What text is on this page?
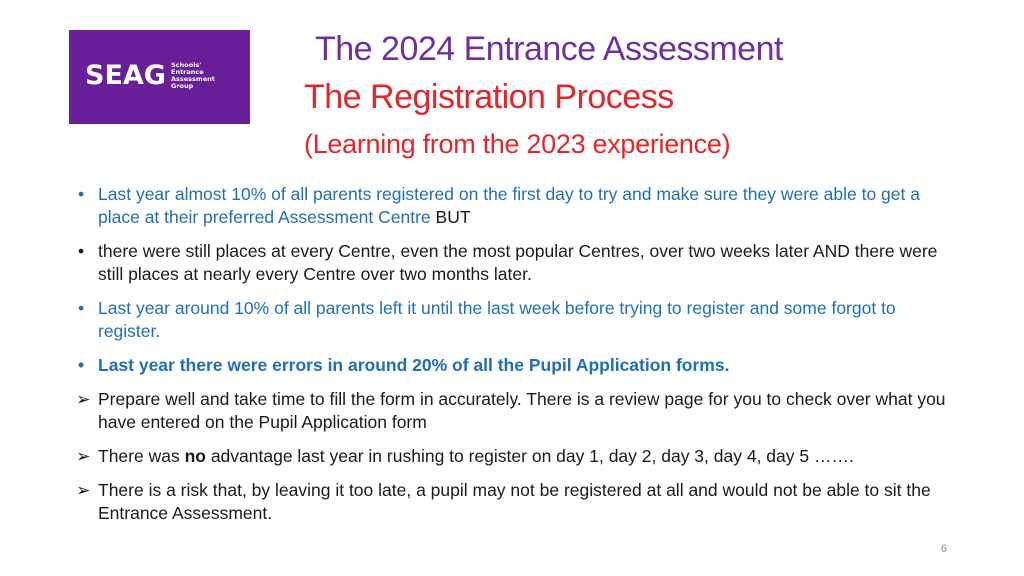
SEAG Schools'
Entrance
Assessment
Group
The 2024 Entrance Assessment
The Registration Process
(Learning from the 2023 experience)
• Last year almost 10% of all parents registered on the first day to try and make sure they were able to get a place at their preferred Assessment Centre BUT
• there were still places at every Centre, even the most popular Centres, over two weeks later AND there were still places at nearly every Centre over two months later.
• Last year around 10% of all parents left it until the last week before trying to register and some forgot to register.
• Last year there were errors in around 20% of all the Pupil Application forms.
➢ Prepare well and take time to fill the form in accurately. There is a review page for you to check over what you have entered on the Pupil Application form
➢ There was no advantage last year in rushing to register on day 1, day 2, day 3, day 4, day 5 …….
➢ There is a risk that, by leaving it too late, a pupil may not be registered at all and would not be able to sit the Entrance Assessment.
6
